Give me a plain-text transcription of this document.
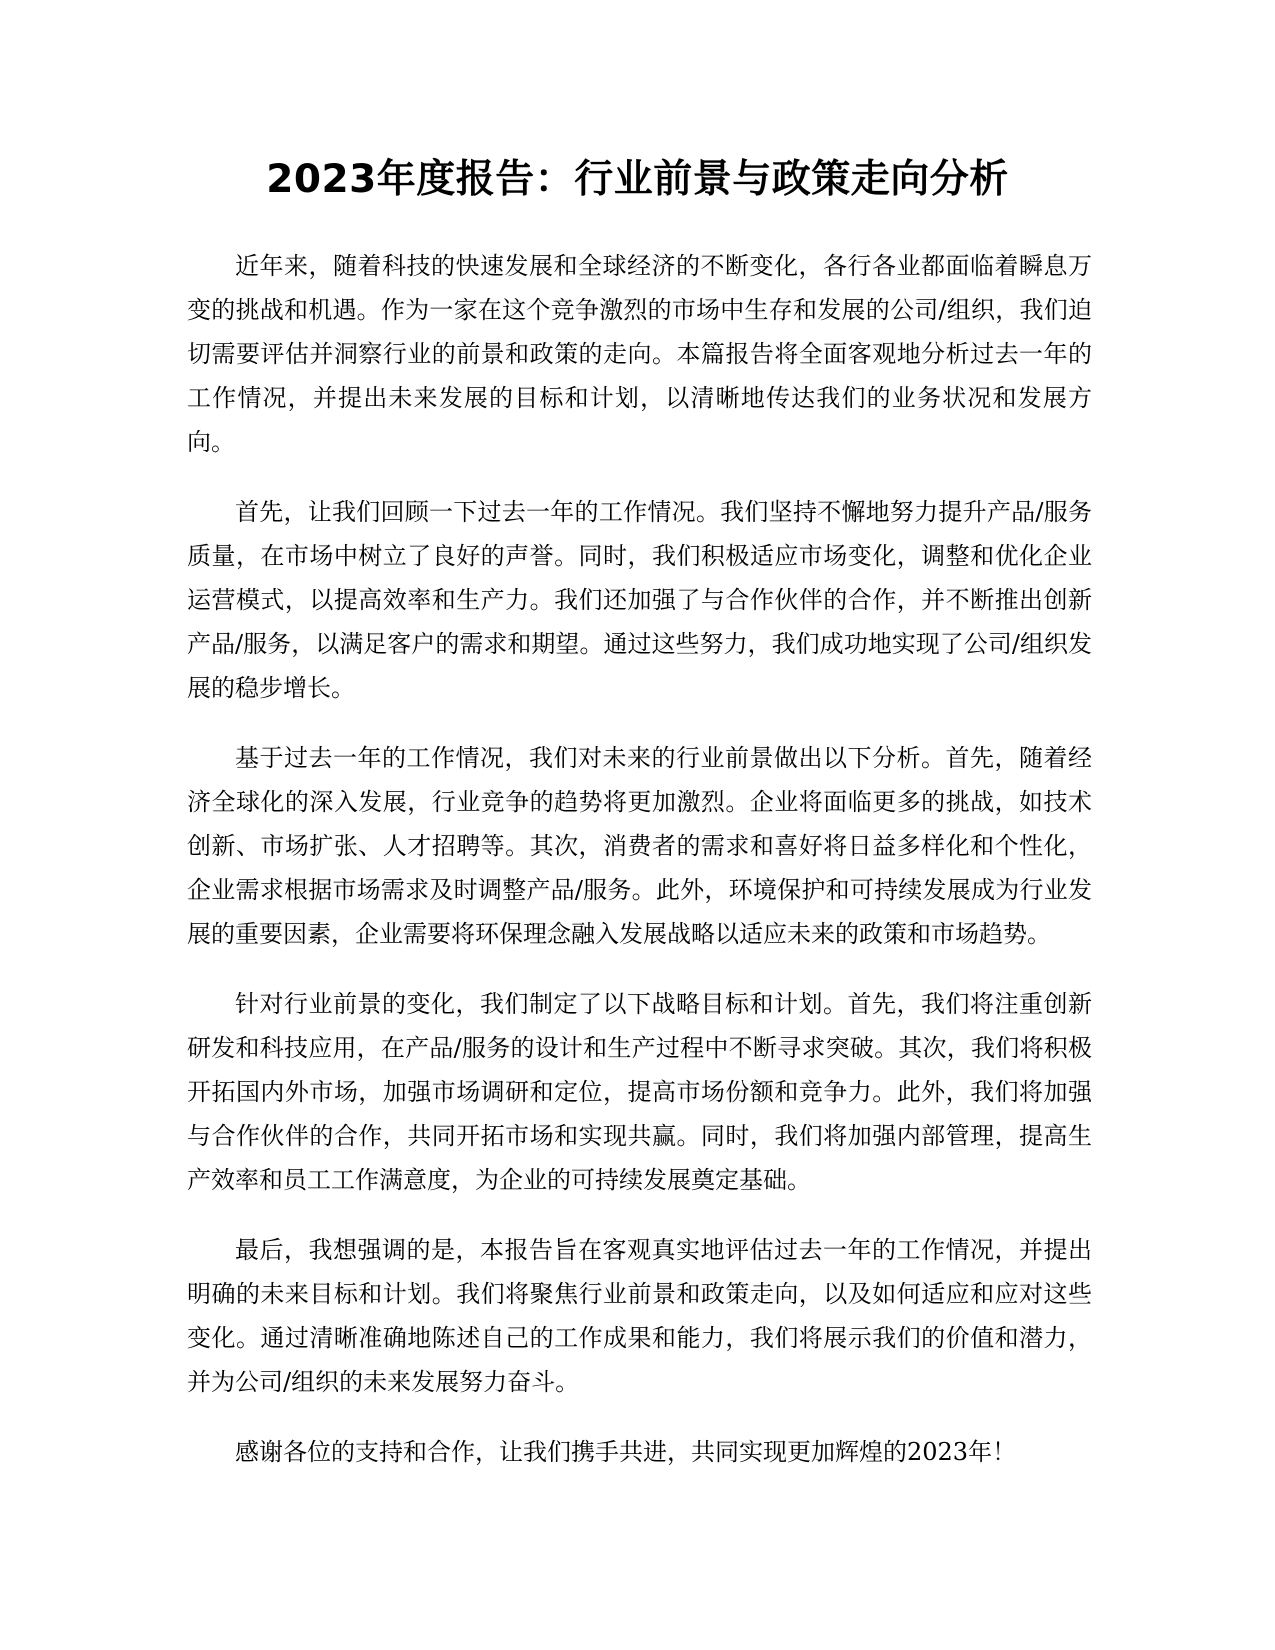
2023年度报告：行业前景与政策走向分析

近年来，随着科技的快速发展和全球经济的不断变化，各行各业都面临着瞬息万变的挑战和机遇。作为一家在这个竞争激烈的市场中生存和发展的公司/组织，我们迫切需要评估并洞察行业的前景和政策的走向。本篇报告将全面客观地分析过去一年的工作情况，并提出未来发展的目标和计划，以清晰地传达我们的业务状况和发展方向。

首先，让我们回顾一下过去一年的工作情况。我们坚持不懈地努力提升产品/服务质量，在市场中树立了良好的声誉。同时，我们积极适应市场变化，调整和优化企业运营模式，以提高效率和生产力。我们还加强了与合作伙伴的合作，并不断推出创新产品/服务，以满足客户的需求和期望。通过这些努力，我们成功地实现了公司/组织发展的稳步增长。

基于过去一年的工作情况，我们对未来的行业前景做出以下分析。首先，随着经济全球化的深入发展，行业竞争的趋势将更加激烈。企业将面临更多的挑战，如技术创新、市场扩张、人才招聘等。其次，消费者的需求和喜好将日益多样化和个性化，企业需求根据市场需求及时调整产品/服务。此外，环境保护和可持续发展成为行业发展的重要因素，企业需要将环保理念融入发展战略以适应未来的政策和市场趋势。

针对行业前景的变化，我们制定了以下战略目标和计划。首先，我们将注重创新研发和科技应用，在产品/服务的设计和生产过程中不断寻求突破。其次，我们将积极开拓国内外市场，加强市场调研和定位，提高市场份额和竞争力。此外，我们将加强与合作伙伴的合作，共同开拓市场和实现共赢。同时，我们将加强内部管理，提高生产效率和员工工作满意度，为企业的可持续发展奠定基础。

最后，我想强调的是，本报告旨在客观真实地评估过去一年的工作情况，并提出明确的未来目标和计划。我们将聚焦行业前景和政策走向，以及如何适应和应对这些变化。通过清晰准确地陈述自己的工作成果和能力，我们将展示我们的价值和潜力，并为公司/组织的未来发展努力奋斗。

感谢各位的支持和合作，让我们携手共进，共同实现更加辉煌的2023年！
